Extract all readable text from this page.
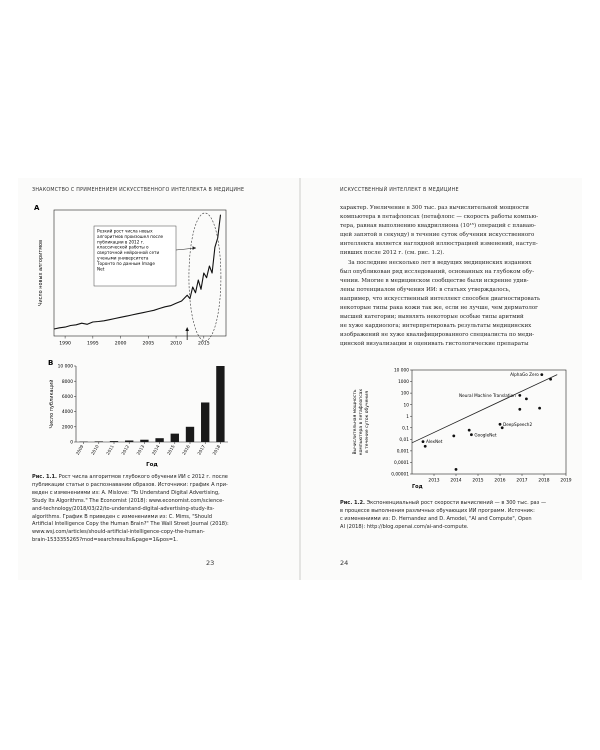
ЗНАКОМСТВО С ПРИМЕНЕНИЕМ ИСКУССТВЕННОГО ИНТЕЛЛЕКТА В МЕДИЦИНЕ
A
Число новых алгоритмов
1990	1995	2000	2005	2010	2015
Резкий рост числа новых алгоритмов произошел после публикации в 2012 г. классической работы о сверточной нейронной сети учеными университета Торонто по данным Image Net
B
Число публикаций
0
2000
4000
6000
8000
10 000
2009 2010 2011 2012 2013 2014 2015 2016 2017 2018
Год

Рис. 1.1. Рост числа алгоритмов глубокого обучения ИИ с 2012 г. после

публикации статьи о распознавании образов. Источники: график А при-

веден с изменениями из: A. Mislove: "To Understand Digital Advertising,

Study Its Algorithms." The Economist (2018): www.economist.com/science-

and-technology/2018/03/22/to-understand-digital-advertising-study-its-

algorithms. График В приведен с изменениями из: C. Mims, "Should

Artificial Intelligence Copy the Human Brain?" The Wall Street Journal (2018):

www.wsj.com/articles/should-artificial-intelligence-copy-the-human-

brain-1533355265?mod=searchresults&page=1&pos=1.

23
ИСКУССТВЕННЫЙ ИНТЕЛЛЕКТ В МЕДИЦИНЕ

характер. Увеличение в 300 тыс. раз вычислительной мощности

компьютера в петафлопсах (петафлопс — скорость работы компью-

тера, равная выполнению квадриллиона (10¹⁵) операций с плаваю-

щей запятой в секунду) в течение суток обучения искусственного

интеллекта является наглядной иллюстрацией изменений, наступ-

пивших после 2012 г. (см. рис. 1.2).

За последние несколько лет в ведущих медицинских изданиях

был опубликован ряд исследований, основанных на глубоком обу-

чении. Многие в медицинском сообществе были искренне удив-

лены потенциалом обучения ИИ: в статьях утверждалось,

например, что искусственный интеллект способен диагностировать

некоторые типы рака кожи так же, если не лучше, чем дерматолог

высшей категории; выявлять некоторые особые типы аритмий

не хуже кардиолога; интерпретировать результаты медицинских

изображений не хуже квалифицированного специалиста по меди-

цинской визуализации и оценивать гистологические препараты

10 000
1000
100
10
1
0,1
0,01
0,001
0,0001
0,00001
2013 2014 2015 2016 2017 2018 2019
Год
Вычислительная мощность компьютера в петафлопсах в течение суток обучения	AlexNet
GoogleNet
DeepSpeech2
Neural Machine Translation
AlphaGo Zero

Рис. 1.2. Экспоненциальный рост скорости вычислений — в 300 тыс. раз —

в процессе выполнения различных обучающих ИИ программ. Источник:

с изменениями из: D. Hernandez and D. Amodei, "AI and Compute", Open

AI (2018): http://blog.openai.com/ai-and-compute.

24
